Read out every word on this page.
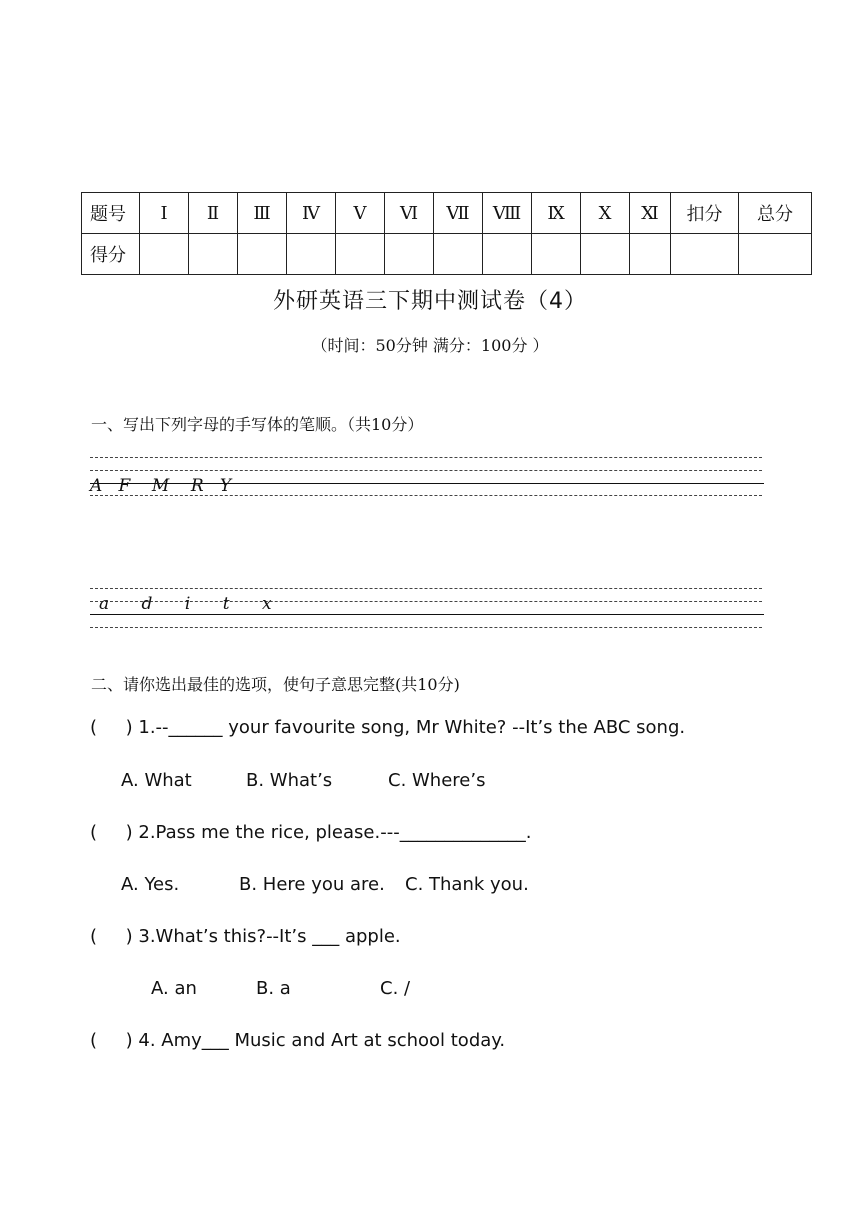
题号	Ⅰ	Ⅱ	Ⅲ	Ⅳ	Ⅴ	Ⅵ	Ⅶ	Ⅷ	Ⅸ	Ⅹ	Ⅺ	扣分	总分
得分													
外研英语三下期中测试卷（4）
（时间：50分钟 满分：100分 ）
一、写出下列字母的手写体的笔顺。（共10分）
A   F    M    R   Y
a      d      i      t      x
二、请你选出最佳的选项，使句子意思完整(共10分)
(     ) 1.--______ your favourite song, Mr White? --It’s the ABC song.
A. What	B. What’s	C. Where’s
(     ) 2.Pass me the rice, please.---______________.
A. Yes.	B. Here you are. C. Thank you.
(     ) 3.What’s this?--It’s ___ apple.
A. an	B. a	C. /
(     ) 4. Amy___ Music and Art at school today.
